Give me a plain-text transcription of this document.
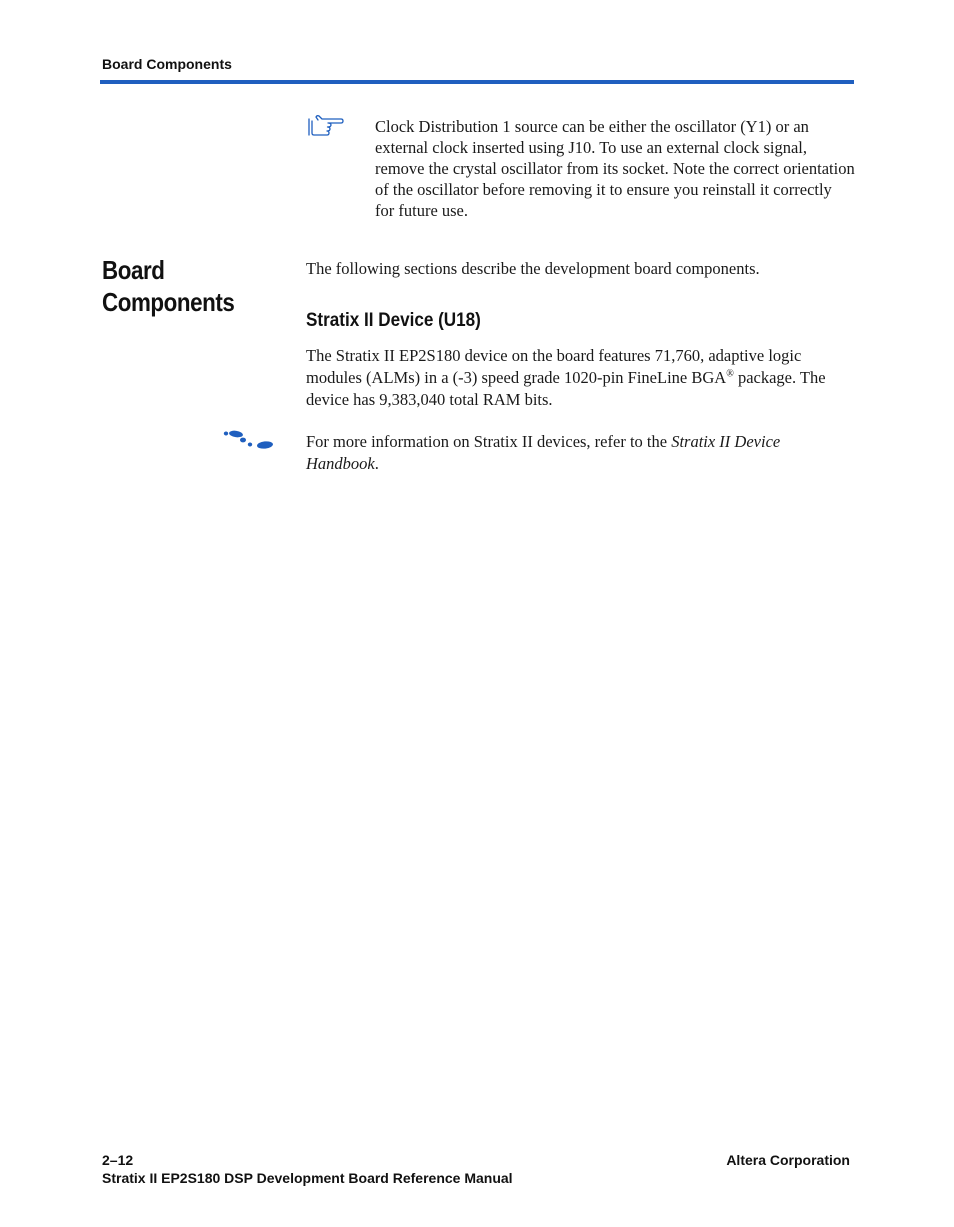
Board Components
Clock Distribution 1 source can be either the oscillator (Y1) or an external clock inserted using J10. To use an external clock signal, remove the crystal oscillator from its socket. Note the correct orientation of the oscillator before removing it to ensure you reinstall it correctly for future use.
Board Components
The following sections describe the development board components.
Stratix II Device (U18)
The Stratix II EP2S180 device on the board features 71,760, adaptive logic modules (ALMs) in a (-3) speed grade 1020-pin FineLine BGA® package. The device has 9,383,040 total RAM bits.
For more information on Stratix II devices, refer to the Stratix II Device Handbook.
2–12
Stratix II EP2S180 DSP Development Board Reference Manual
Altera Corporation
